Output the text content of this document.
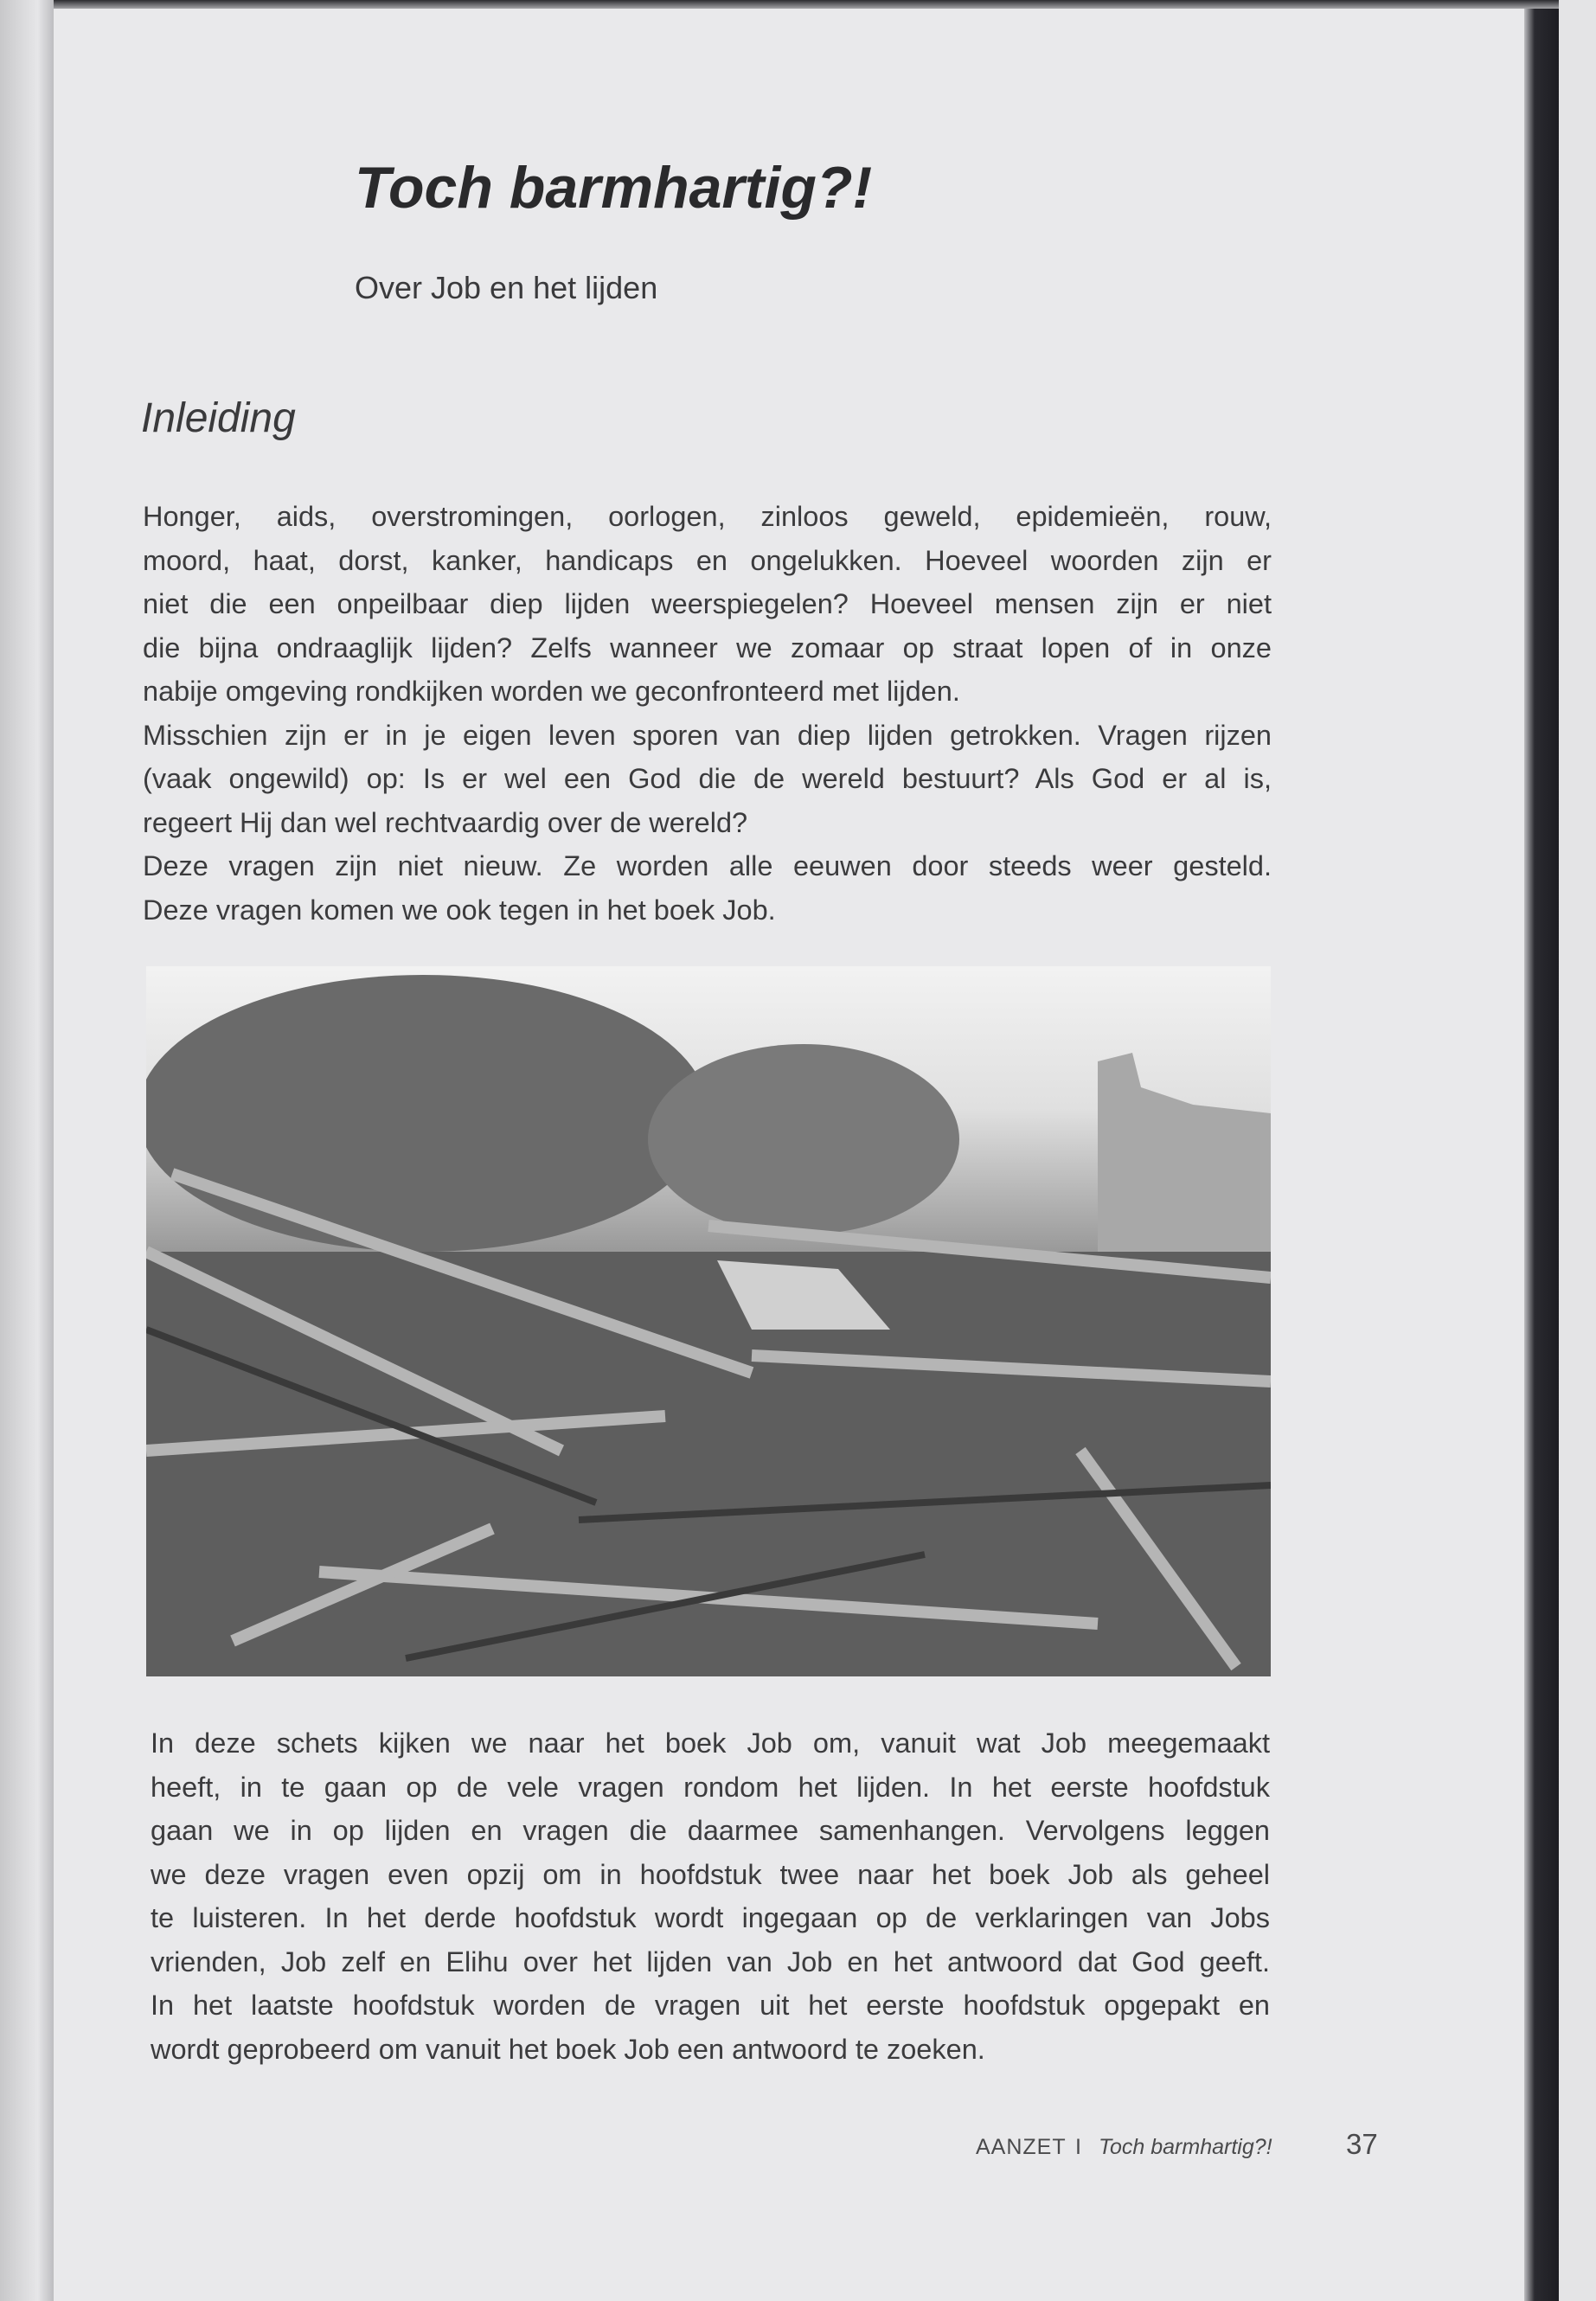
Toch barmhartig?!
Over Job en het lijden
Inleiding
Honger, aids, overstromingen, oorlogen, zinloos geweld, epidemieën, rouw,
moord, haat, dorst, kanker, handicaps en ongelukken. Hoeveel woorden zijn er
niet die een onpeilbaar diep lijden weerspiegelen? Hoeveel mensen zijn er niet
die bijna ondraaglijk lijden? Zelfs wanneer we zomaar op straat lopen of in onze
nabije omgeving rondkijken worden we geconfronteerd met lijden.
Misschien zijn er in je eigen leven sporen van diep lijden getrokken. Vragen rijzen
(vaak ongewild) op: Is er wel een God die de wereld bestuurt? Als God er al is,
regeert Hij dan wel rechtvaardig over de wereld?
Deze vragen zijn niet nieuw. Ze worden alle eeuwen door steeds weer gesteld.
Deze vragen komen we ook tegen in het boek Job.
In deze schets kijken we naar het boek Job om, vanuit wat Job meegemaakt
heeft, in te gaan op de vele vragen rondom het lijden. In het eerste hoofdstuk
gaan we in op lijden en vragen die daarmee samenhangen. Vervolgens leggen
we deze vragen even opzij om in hoofdstuk twee naar het boek Job als geheel
te luisteren. In het derde hoofdstuk wordt ingegaan op de verklaringen van Jobs
vrienden, Job zelf en Elihu over het lijden van Job en het antwoord dat God geeft.
In het laatste hoofdstuk worden de vragen uit het eerste hoofdstuk opgepakt en
wordt geprobeerd om vanuit het boek Job een antwoord te zoeken.
AANZET I Toch barmhartig?!	37
